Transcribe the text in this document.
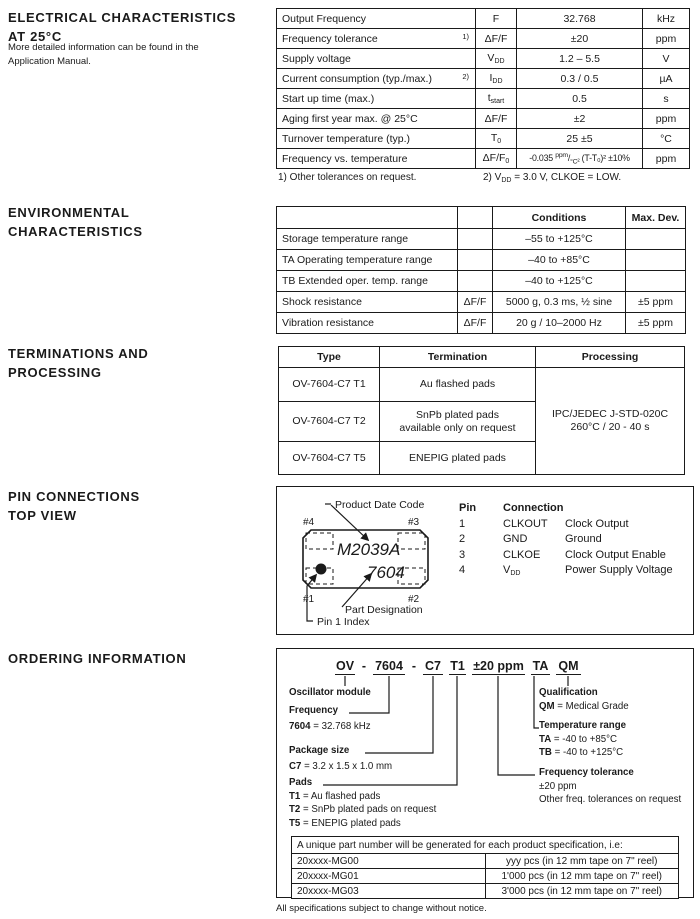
ELECTRICAL CHARACTERISTICS
AT 25°C
More detailed information can be found in the
Application Manual.
ENVIRONMENTAL
CHARACTERISTICS
TERMINATIONS AND
PROCESSING
PIN CONNECTIONS
TOP VIEW
ORDERING INFORMATION
Output Frequency	F	32.768	kHz
Frequency tolerance 1)	ΔF/F	±20	ppm
Supply voltage	VDD	1.2 – 5.5	V
Current consumption (typ./max.) 2)	IDD	0.3 / 0.5	µA
Start up time (max.)	tstart	0.5	s
Aging first year max. @ 25°C	ΔF/F	±2	ppm
Turnover temperature (typ.)	T0	25 ±5	°C
Frequency vs. temperature	ΔF/F0	-0.035 $^{ppm}/_{^\circ C^2}$ (T-T₀)² ±10%	ppm
1) Other tolerances on request.	2) $V_{DD} = 3.0$ V, CLKOE = LOW.
		Conditions	Max. Dev.
Storage temperature range		–55 to +125°C	
TA Operating temperature range		–40 to +85°C	
TB Extended oper. temp. range		–40 to +125°C	
Shock resistance	ΔF/F	5000 g, 0.3 ms, ½ sine	±5 ppm
Vibration resistance	ΔF/F	20 g / 10–2000 Hz	±5 ppm
Type	Termination	Processing
OV-7604-C7 T1	Au flashed pads	IPC/JEDEC J-STD-020C
260°C / 20 - 40 s

OV-7604-C7 T2	SnPb plated pads
available only on request	

OV-7604-C7 T5	ENEPIG plated pads	
M2039A
7604
#4	#3
#1	#2
Product Date Code
Part Designation
Pin 1 Index
Pin	Connection
1	CLKOUT	Clock Output
2	GND	Ground
3	CLKOE	Clock Output Enable
4	VDD	Power Supply Voltage
OV - 7604 - C7 T1 ±20 ppm TA QM
Oscillator module
Frequency
7604 = 32.768 kHz
Package size
C7 = 3.2 x 1.5 x 1.0 mm
Pads
T1 = Au flashed pads
T2 = SnPb plated pads on request
T5 = ENEPIG plated pads
Qualification
QM = Medical Grade
Temperature range
TA = -40 to +85°C
TB = -40 to +125°C
Frequency tolerance
±20 ppm
Other freq. tolerances on request
A unique part number will be generated for each product specification, i.e:	
20xxxx-MG00	yyy pcs (in 12 mm tape on 7" reel)
20xxxx-MG01	1'000 pcs (in 12 mm tape on 7" reel)
20xxxx-MG03	3'000 pcs (in 12 mm tape on 7" reel)
All specifications subject to change without notice.
